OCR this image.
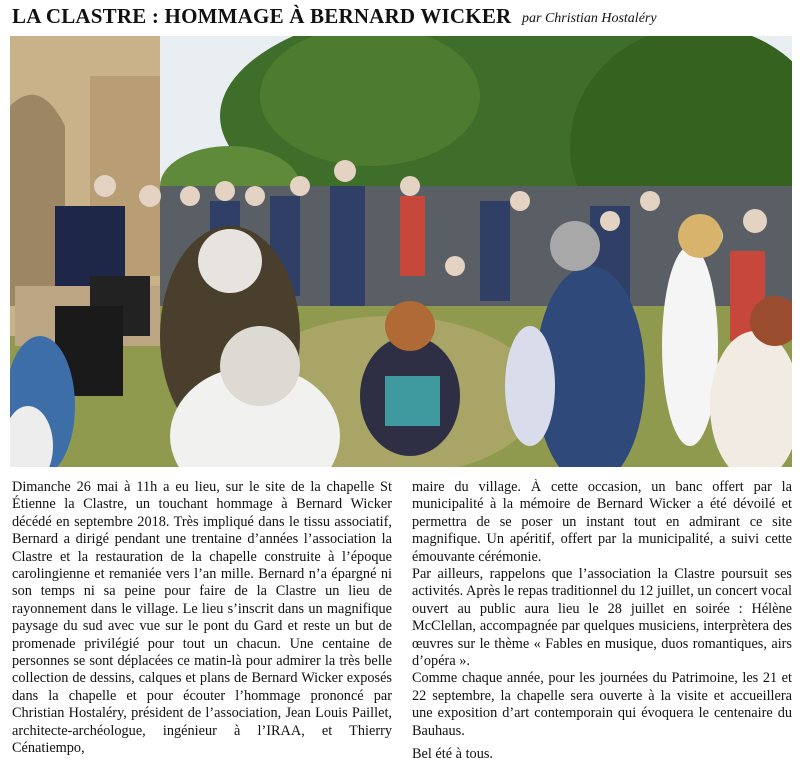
LA CLASTRE : HOMMAGE À BERNARD WICKER par Christian Hostaléry

Dimanche 26 mai à 11h a eu lieu, sur le site de la chapelle St Étienne la Clastre, un touchant hommage à Bernard Wicker décédé en septembre 2018. Très impliqué dans le tissu associatif, Bernard a dirigé pendant une trentaine d’années l’association la Clastre et la restauration de la chapelle construite à l’époque carolingienne et remaniée vers l’an mille. Bernard n’a épargné ni son temps ni sa peine pour faire de la Clastre un lieu de rayonnement dans le village. Le lieu s’inscrit dans un magnifique paysage du sud avec vue sur le pont du Gard et reste un but de promenade privilégié pour tout un chacun. Une centaine de personnes se sont déplacées ce matin-là pour admirer la très belle collection de dessins, calques et plans de Bernard Wicker exposés dans la chapelle et pour écouter l’hommage prononcé par Christian Hostaléry, président de l’association, Jean Louis Paillet, architecte-archéologue, ingénieur à l’IRAA, et Thierry Cénatiempo,

maire du village. À cette occasion, un banc offert par la municipalité à la mémoire de Bernard Wicker a été dévoilé et permettra de se poser un instant tout en admirant ce site magnifique. Un apéritif, offert par la municipalité, a suivi cette émouvante cérémonie.

Par ailleurs, rappelons que l’association la Clastre poursuit ses activités. Après le repas traditionnel du 12 juillet, un concert vocal ouvert au public aura lieu le 28 juillet en soirée : Hélène McClellan, accompagnée par quelques musiciens, interprètera des œuvres sur le thème « Fables en musique, duos romantiques, airs d’opéra ».

Comme chaque année, pour les journées du Patrimoine, les 21 et 22 septembre, la chapelle sera ouverte à la visite et accueillera une exposition d’art contemporain qui évoquera le centenaire du Bauhaus.

Bel été à tous.
